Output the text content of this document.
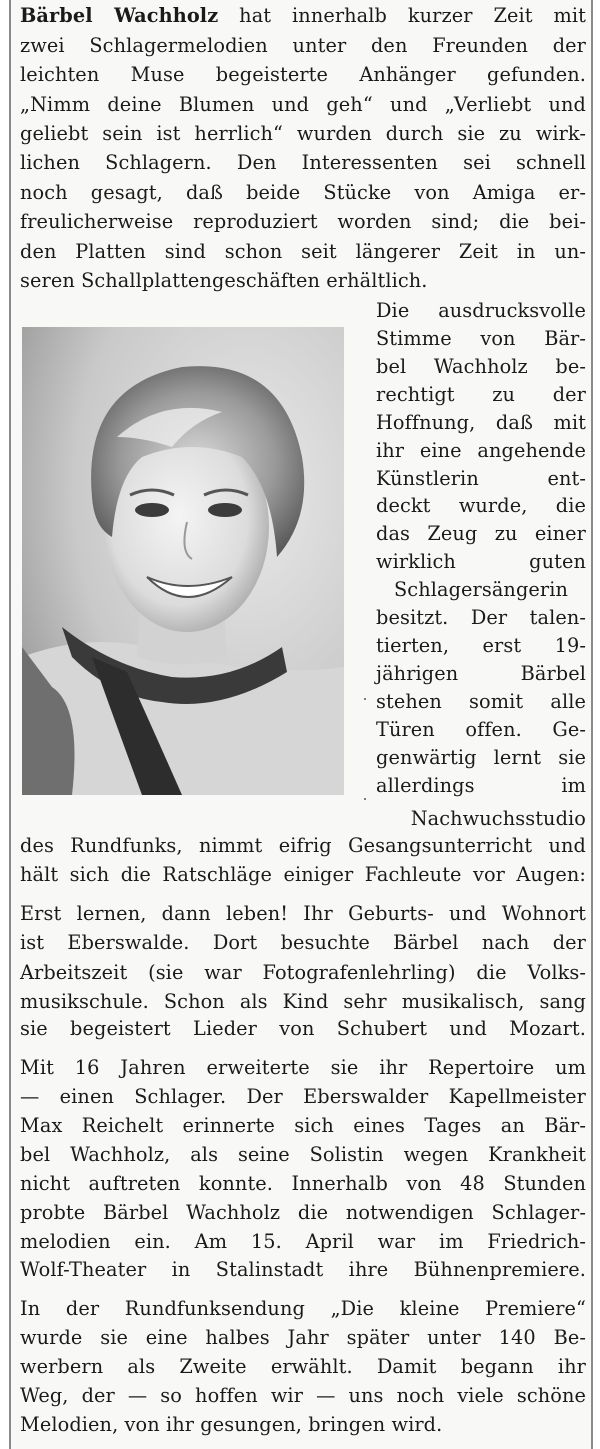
Bärbel Wachholz hat innerhalb kurzer Zeit mit
zwei Schlagermelodien unter den Freunden der
leichten Muse begeisterte Anhänger gefunden.
„Nimm deine Blumen und geh“ und „Verliebt und
geliebt sein ist herrlich“ wurden durch sie zu wirk-
lichen Schlagern. Den Interessenten sei schnell
noch gesagt, daß beide Stücke von Amiga er-
freulicherweise reproduziert worden sind; die bei-
den Platten sind schon seit längerer Zeit in un-
seren Schallplattengeschäften erhältlich.
Die ausdrucksvolle
Stimme von Bär-
bel Wachholz be-
rechtigt zu der
Hoffnung, daß mit
ihr eine angehende
Künstlerin ent-
deckt wurde, die
das Zeug zu einer
wirklich guten
Schlagersängerin
besitzt. Der talen-
tierten, erst 19-
jährigen Bärbel
stehen somit alle
Türen offen. Ge-
genwärtig lernt sie
allerdings im
Nachwuchsstudio
des Rundfunks, nimmt eifrig Gesangsunterricht und
hält sich die Ratschläge einiger Fachleute vor Augen:
Erst lernen, dann leben! Ihr Geburts- und Wohnort
ist Eberswalde. Dort besuchte Bärbel nach der
Arbeitszeit (sie war Fotografenlehrling) die Volks-
musikschule. Schon als Kind sehr musikalisch, sang
sie begeistert Lieder von Schubert und Mozart.
Mit 16 Jahren erweiterte sie ihr Repertoire um
— einen Schlager. Der Eberswalder Kapellmeister
Max Reichelt erinnerte sich eines Tages an Bär-
bel Wachholz, als seine Solistin wegen Krankheit
nicht auftreten konnte. Innerhalb von 48 Stunden
probte Bärbel Wachholz die notwendigen Schlager-
melodien ein. Am 15. April war im Friedrich-
Wolf-Theater in Stalinstadt ihre Bühnenpremiere.
In der Rundfunksendung „Die kleine Premiere“
wurde sie eine halbes Jahr später unter 140 Be-
werbern als Zweite erwählt. Damit begann ihr
Weg, der — so hoffen wir — uns noch viele schöne
Melodien, von ihr gesungen, bringen wird.
